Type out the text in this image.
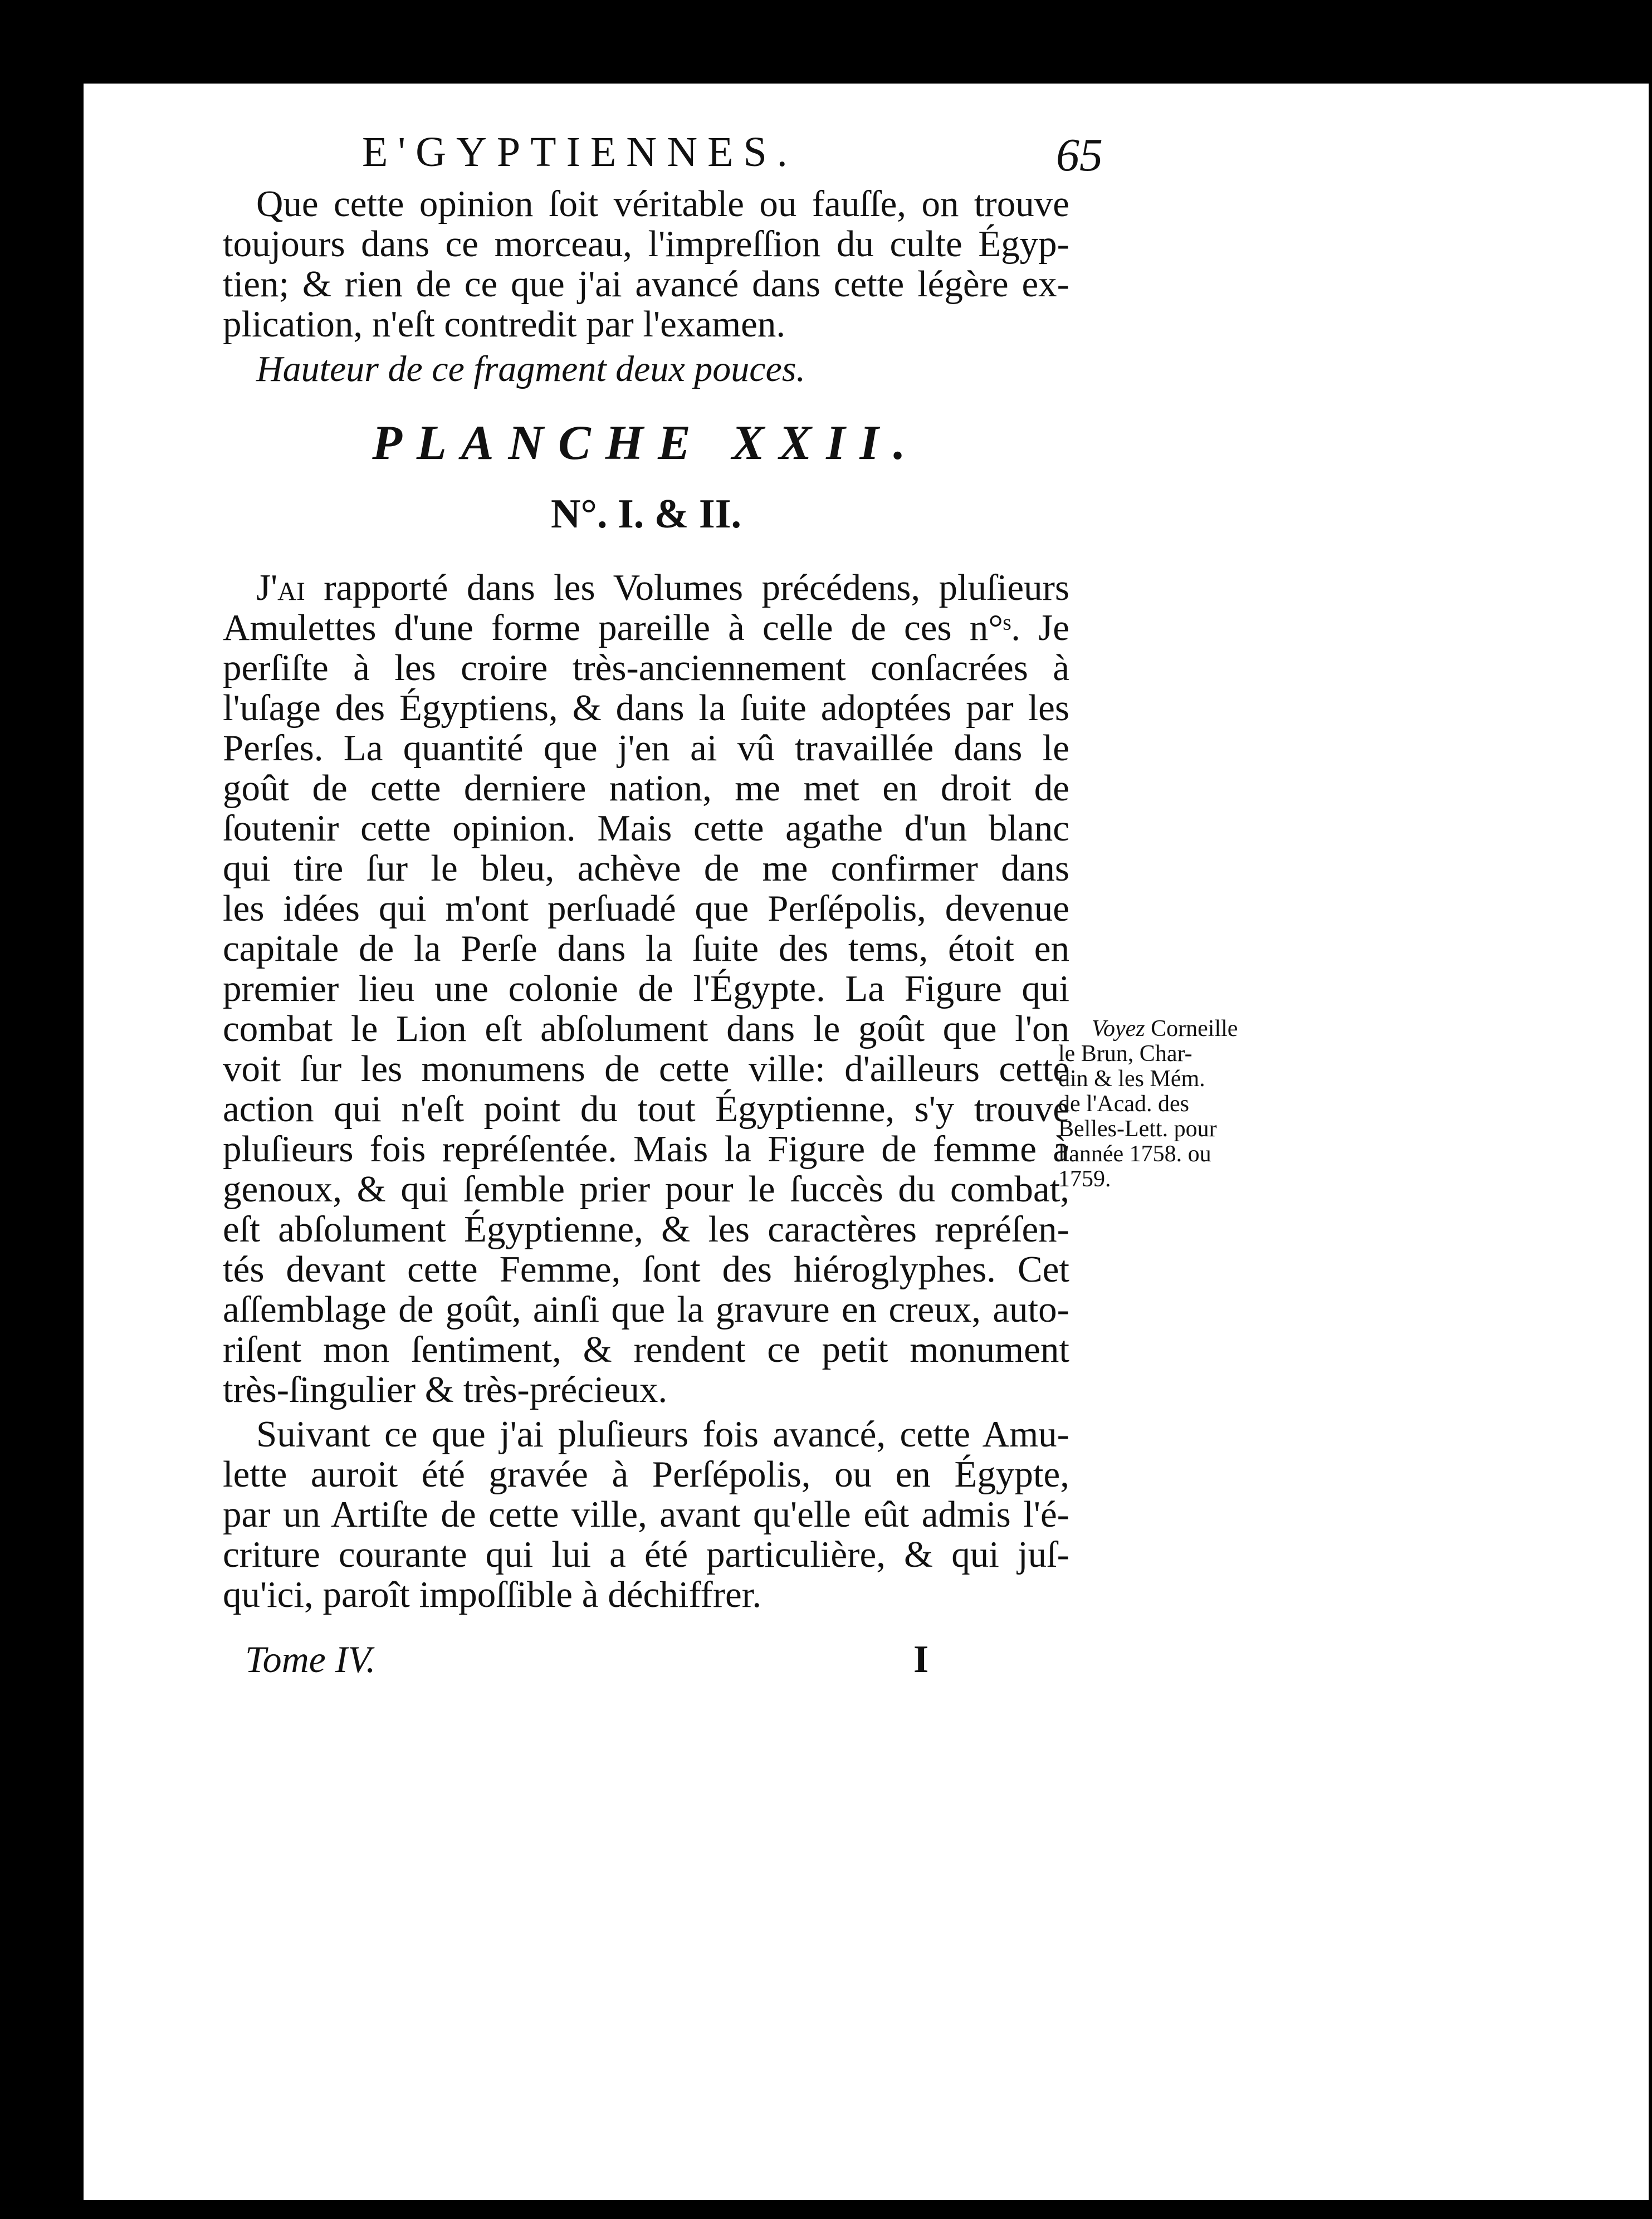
E'GYPTIENNES.	65
Que cette opinion ſoit véritable ou fauſſe, on trouve
toujours dans ce morceau, l'impreſſion du culte Égyp-
tien; & rien de ce que j'ai avancé dans cette légère ex-
plication, n'eſt contredit par l'examen.
Hauteur de ce fragment deux pouces.
PLANCHE XXII.
N°. I. & II.
J'ai rapporté dans les Volumes précédens, pluſieurs
Amulettes d'une forme pareille à celle de ces n°ˢ. Je
perſiſte à les croire très-anciennement conſacrées à
l'uſage des Égyptiens, & dans la ſuite adoptées par les
Perſes. La quantité que j'en ai vû travaillée dans le
goût de cette derniere nation, me met en droit de
ſoutenir cette opinion. Mais cette agathe d'un blanc
qui tire ſur le bleu, achève de me confirmer dans
les idées qui m'ont perſuadé que Perſépolis, devenue
capitale de la Perſe dans la ſuite des tems, étoit en
premier lieu une colonie de l'Égypte. La Figure qui
combat le Lion eſt abſolument dans le goût que l'on
voit ſur les monumens de cette ville: d'ailleurs cette
action qui n'eſt point du tout Égyptienne, s'y trouve
pluſieurs fois repréſentée. Mais la Figure de femme à
genoux, & qui ſemble prier pour le ſuccès du combat,
eſt abſolument Égyptienne, & les caractères repréſen-
tés devant cette Femme, ſont des hiéroglyphes. Cet
aſſemblage de goût, ainſi que la gravure en creux, auto-
riſent mon ſentiment, & rendent ce petit monument
très-ſingulier & très-précieux.
Suivant ce que j'ai pluſieurs fois avancé, cette Amu-
lette auroit été gravée à Perſépolis, ou en Égypte,
par un Artiſte de cette ville, avant qu'elle eût admis l'é-
criture courante qui lui a été particulière, & qui juſ-
qu'ici, paroît impoſſible à déchiffrer.
Voyez Corneille
le Brun, Char-
din & les Mém.
de l'Acad. des
Belles-Lett. pour
l'année 1758. ou
1759.
Tome IV.	I
